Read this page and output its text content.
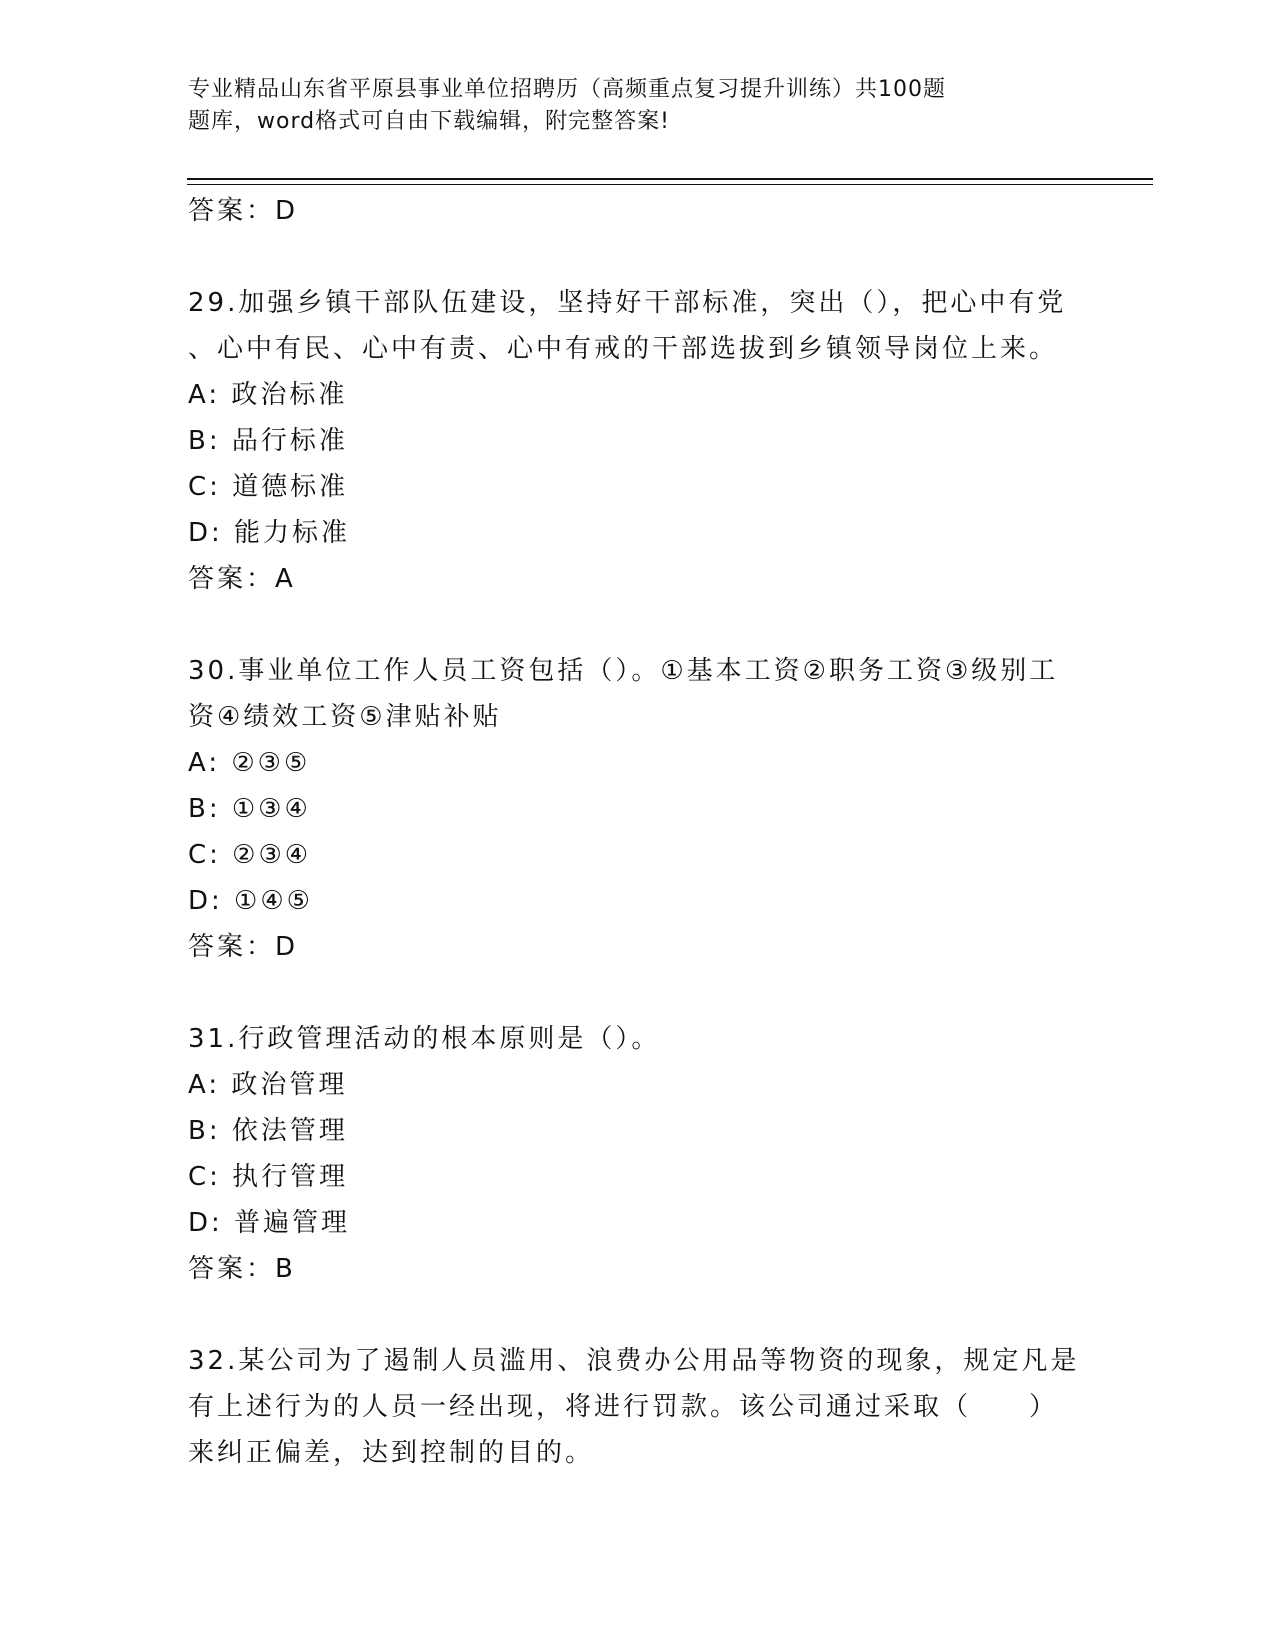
专业精品山东省平原县事业单位招聘历（高频重点复习提升训练）共100题
题库，word格式可自由下载编辑，附完整答案!
答案：D
29.加强乡镇干部队伍建设，坚持好干部标准，突出（），把心中有党
、心中有民、心中有责、心中有戒的干部选拔到乡镇领导岗位上来。
A: 政治标准
B: 品行标准
C: 道德标准
D: 能力标准
答案：A
30.事业单位工作人员工资包括（）。①基本工资②职务工资③级别工
资④绩效工资⑤津贴补贴
A: ②③⑤
B: ①③④
C: ②③④
D: ①④⑤
答案：D
31.行政管理活动的根本原则是（）。
A: 政治管理
B: 依法管理
C: 执行管理
D: 普遍管理
答案：B
32.某公司为了遏制人员滥用、浪费办公用品等物资的现象，规定凡是
有上述行为的人员一经出现，将进行罚款。该公司通过采取（　　）
来纠正偏差，达到控制的目的。
